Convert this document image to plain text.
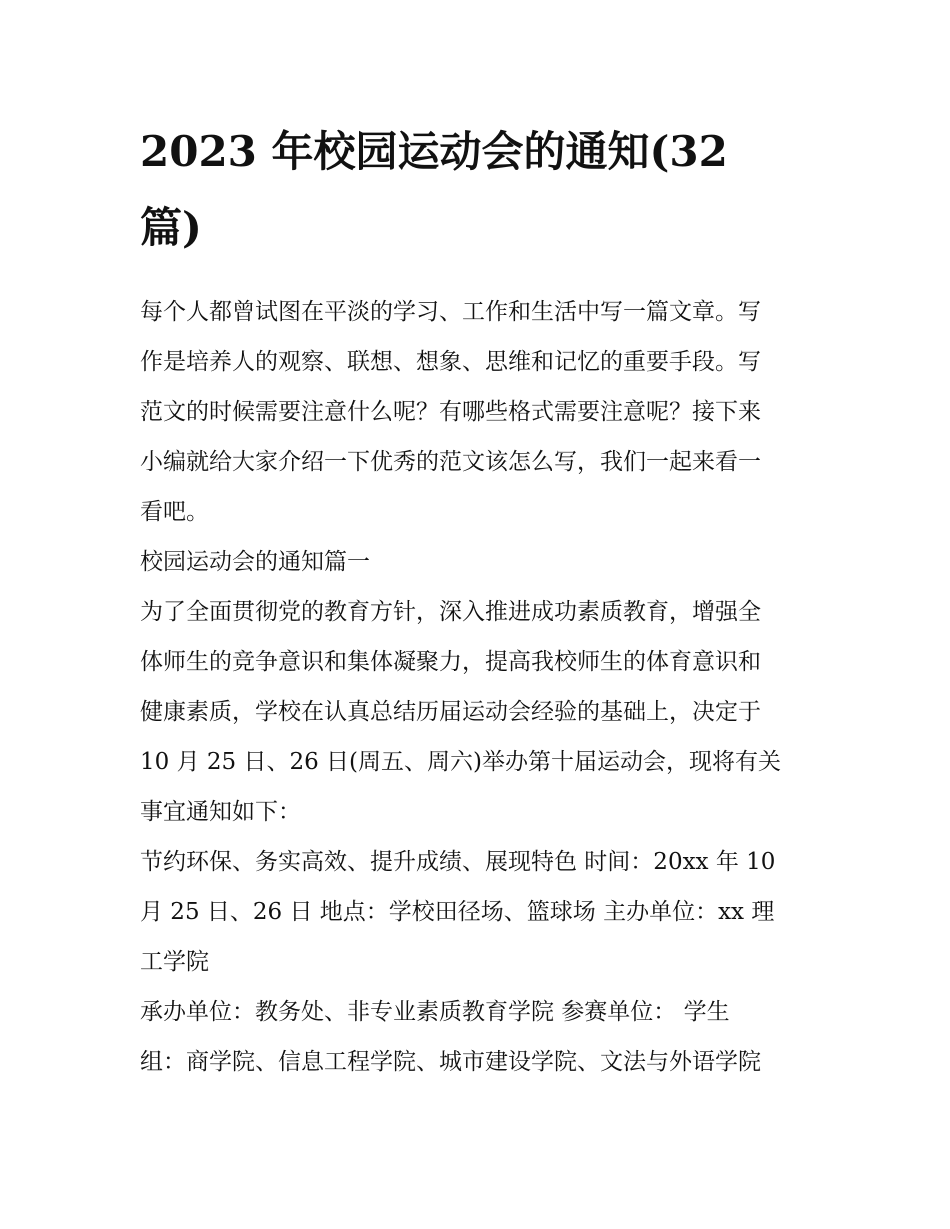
2023 年校园运动会的通知(32
篇)

每个人都曾试图在平淡的学习、工作和生活中写一篇文章。写
作是培养人的观察、联想、想象、思维和记忆的重要手段。写
范文的时候需要注意什么呢？有哪些格式需要注意呢？接下来
小编就给大家介绍一下优秀的范文该怎么写，我们一起来看一
看吧。

校园运动会的通知篇一

为了全面贯彻党的教育方针，深入推进成功素质教育，增强全
体师生的竞争意识和集体凝聚力，提高我校师生的体育意识和
健康素质，学校在认真总结历届运动会经验的基础上，决定于
10 月 25 日、26 日(周五、周六)举办第十届运动会，现将有关
事宜通知如下：

节约环保、务实高效、提升成绩、展现特色 时间：20xx 年 10
月 25 日、26 日 地点：学校田径场、篮球场 主办单位：xx 理
工学院

承办单位：教务处、非专业素质教育学院 参赛单位： 学生
组：商学院、信息工程学院、城市建设学院、文法与外语学院
